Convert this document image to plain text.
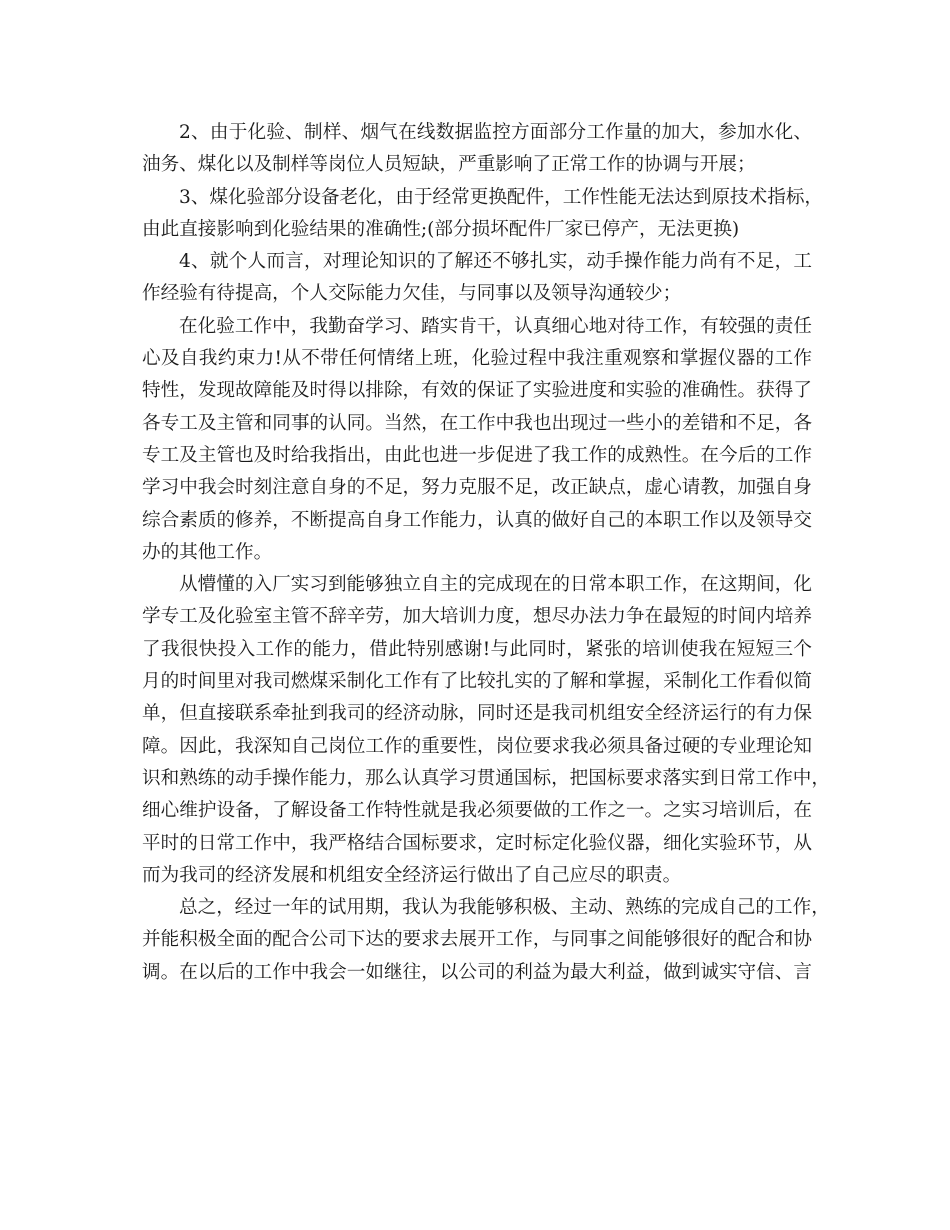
2、由于化验、制样、烟气在线数据监控方面部分工作量的加大，参加水化、
油务、煤化以及制样等岗位人员短缺，严重影响了正常工作的协调与开展；
3、煤化验部分设备老化，由于经常更换配件，工作性能无法达到原技术指标，
由此直接影响到化验结果的准确性;(部分损坏配件厂家已停产，无法更换)
4、就个人而言，对理论知识的了解还不够扎实，动手操作能力尚有不足，工
作经验有待提高，个人交际能力欠佳，与同事以及领导沟通较少；
在化验工作中，我勤奋学习、踏实肯干，认真细心地对待工作，有较强的责任
心及自我约束力!从不带任何情绪上班，化验过程中我注重观察和掌握仪器的工作
特性，发现故障能及时得以排除，有效的保证了实验进度和实验的准确性。获得了
各专工及主管和同事的认同。当然，在工作中我也出现过一些小的差错和不足，各
专工及主管也及时给我指出，由此也进一步促进了我工作的成熟性。在今后的工作
学习中我会时刻注意自身的不足，努力克服不足，改正缺点，虚心请教，加强自身
综合素质的修养，不断提高自身工作能力，认真的做好自己的本职工作以及领导交
办的其他工作。
从懵懂的入厂实习到能够独立自主的完成现在的日常本职工作，在这期间，化
学专工及化验室主管不辞辛劳，加大培训力度，想尽办法力争在最短的时间内培养
了我很快投入工作的能力，借此特别感谢!与此同时，紧张的培训使我在短短三个
月的时间里对我司燃煤采制化工作有了比较扎实的了解和掌握，采制化工作看似简
单，但直接联系牵扯到我司的经济动脉，同时还是我司机组安全经济运行的有力保
障。因此，我深知自己岗位工作的重要性，岗位要求我必须具备过硬的专业理论知
识和熟练的动手操作能力，那么认真学习贯通国标，把国标要求落实到日常工作中，
细心维护设备，了解设备工作特性就是我必须要做的工作之一。之实习培训后，在
平时的日常工作中，我严格结合国标要求，定时标定化验仪器，细化实验环节，从
而为我司的经济发展和机组安全经济运行做出了自己应尽的职责。
总之，经过一年的试用期，我认为我能够积极、主动、熟练的完成自己的工作，
并能积极全面的配合公司下达的要求去展开工作，与同事之间能够很好的配合和协
调。在以后的工作中我会一如继往，以公司的利益为最大利益，做到诚实守信、言
